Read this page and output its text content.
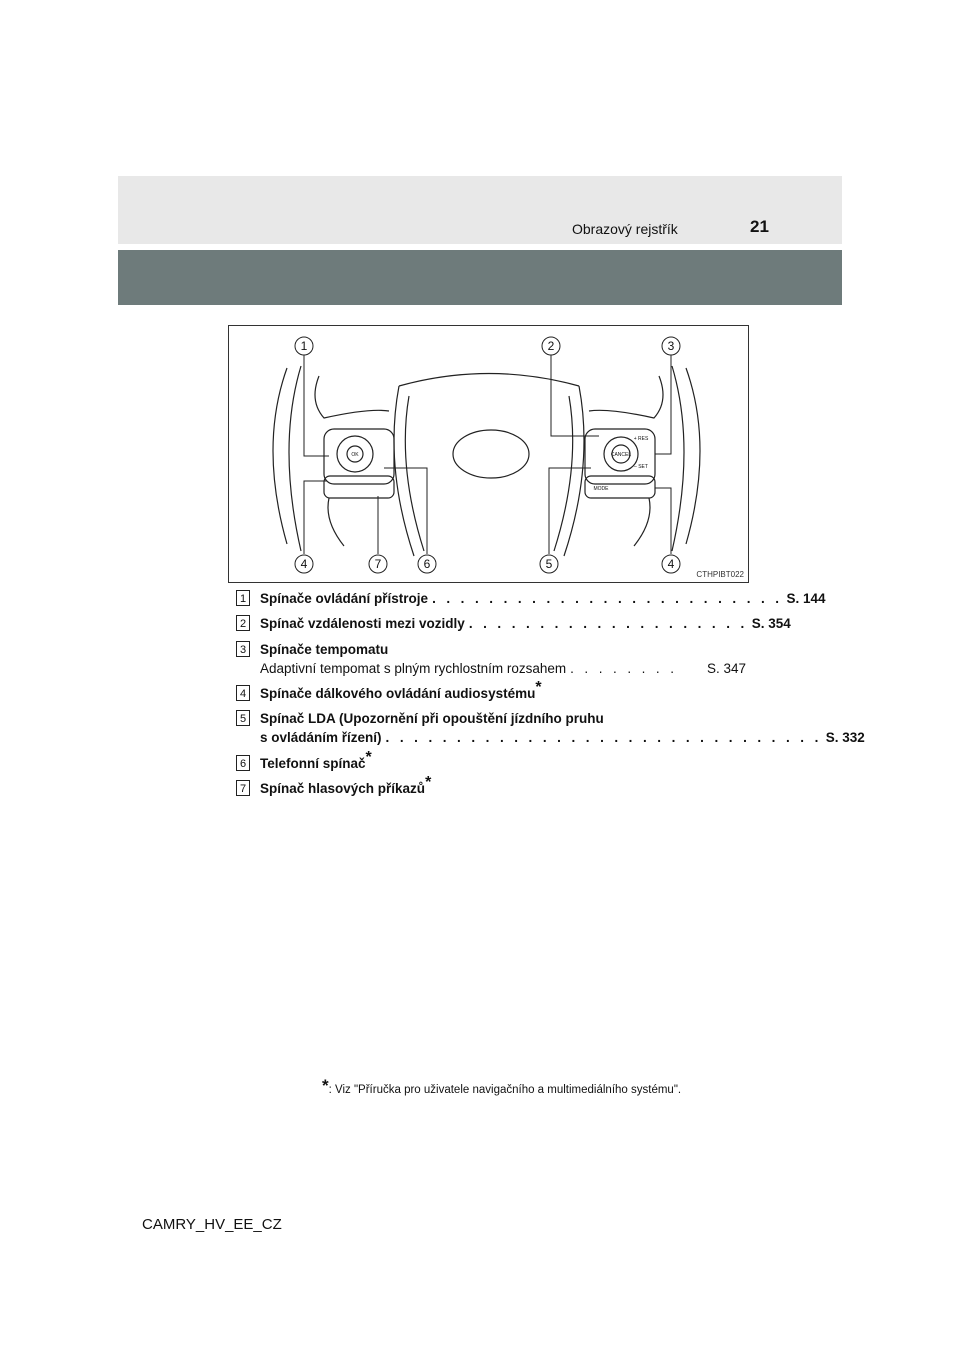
Obrazový rejstřík	21
1	2	3
4	7	6	5	4
OK	CANCEL
+ RES
– SET
MODE
CTHPIBT022
1 Spínače ovládání přístroje . . . . . . . . . . . . . . . . . . . . . . . . . S. 144
2 Spínač vzdálenosti mezi vozidly . . . . . . . . . . . . . . . . . . . . S. 354
3 Spínače tempomatu
Adaptivní tempomat s plným rychlostním rozsahem . . . . . . . .	S. 347
4 Spínače dálkového ovládání audiosystému*
5 Spínač LDA (Upozornění při opouštění jízdního pruhu
s ovládáním řízení) . . . . . . . . . . . . . . . . . . . . . . . . . . . . . . . S. 332
6 Telefonní spínač*
7 Spínač hlasových příkazů*
*: Viz "Příručka pro uživatele navigačního a multimediálního systému".
CAMRY_HV_EE_CZ
